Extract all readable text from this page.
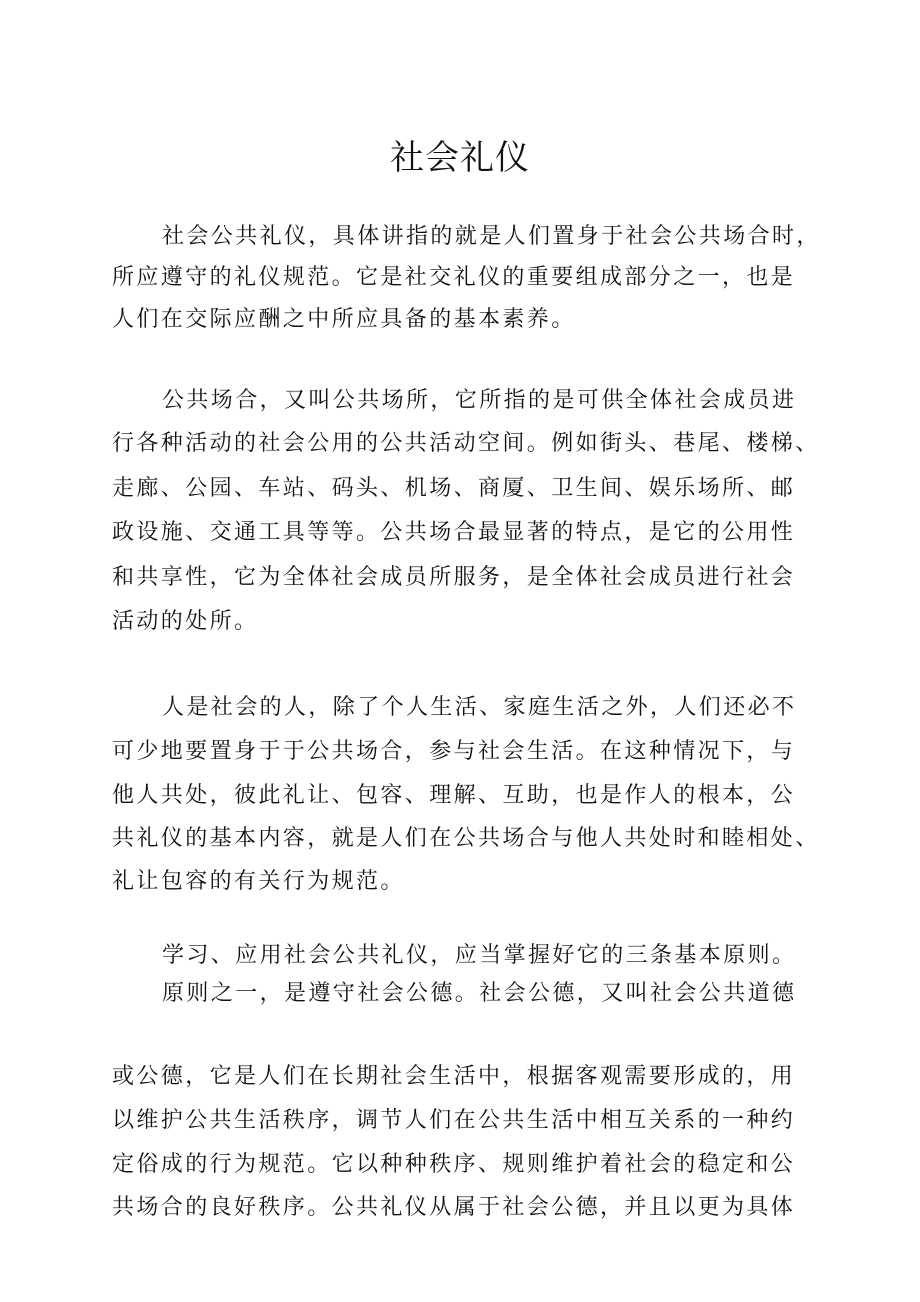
社会礼仪
社会公共礼仪，具体讲指的就是人们置身于社会公共场合时，
所应遵守的礼仪规范。它是社交礼仪的重要组成部分之一，也是
人们在交际应酬之中所应具备的基本素养。
公共场合，又叫公共场所，它所指的是可供全体社会成员进
行各种活动的社会公用的公共活动空间。例如街头、巷尾、楼梯、
走廊、公园、车站、码头、机场、商厦、卫生间、娱乐场所、邮
政设施、交通工具等等。公共场合最显著的特点，是它的公用性
和共享性，它为全体社会成员所服务，是全体社会成员进行社会
活动的处所。
人是社会的人，除了个人生活、家庭生活之外，人们还必不
可少地要置身于于公共场合，参与社会生活。在这种情况下，与
他人共处，彼此礼让、包容、理解、互助，也是作人的根本，公
共礼仪的基本内容，就是人们在公共场合与他人共处时和睦相处、
礼让包容的有关行为规范。
学习、应用社会公共礼仪，应当掌握好它的三条基本原则。
原则之一，是遵守社会公德。社会公德，又叫社会公共道德
或公德，它是人们在长期社会生活中，根据客观需要形成的，用
以维护公共生活秩序，调节人们在公共生活中相互关系的一种约
定俗成的行为规范。它以种种秩序、规则维护着社会的稳定和公
共场合的良好秩序。公共礼仪从属于社会公德，并且以更为具体
